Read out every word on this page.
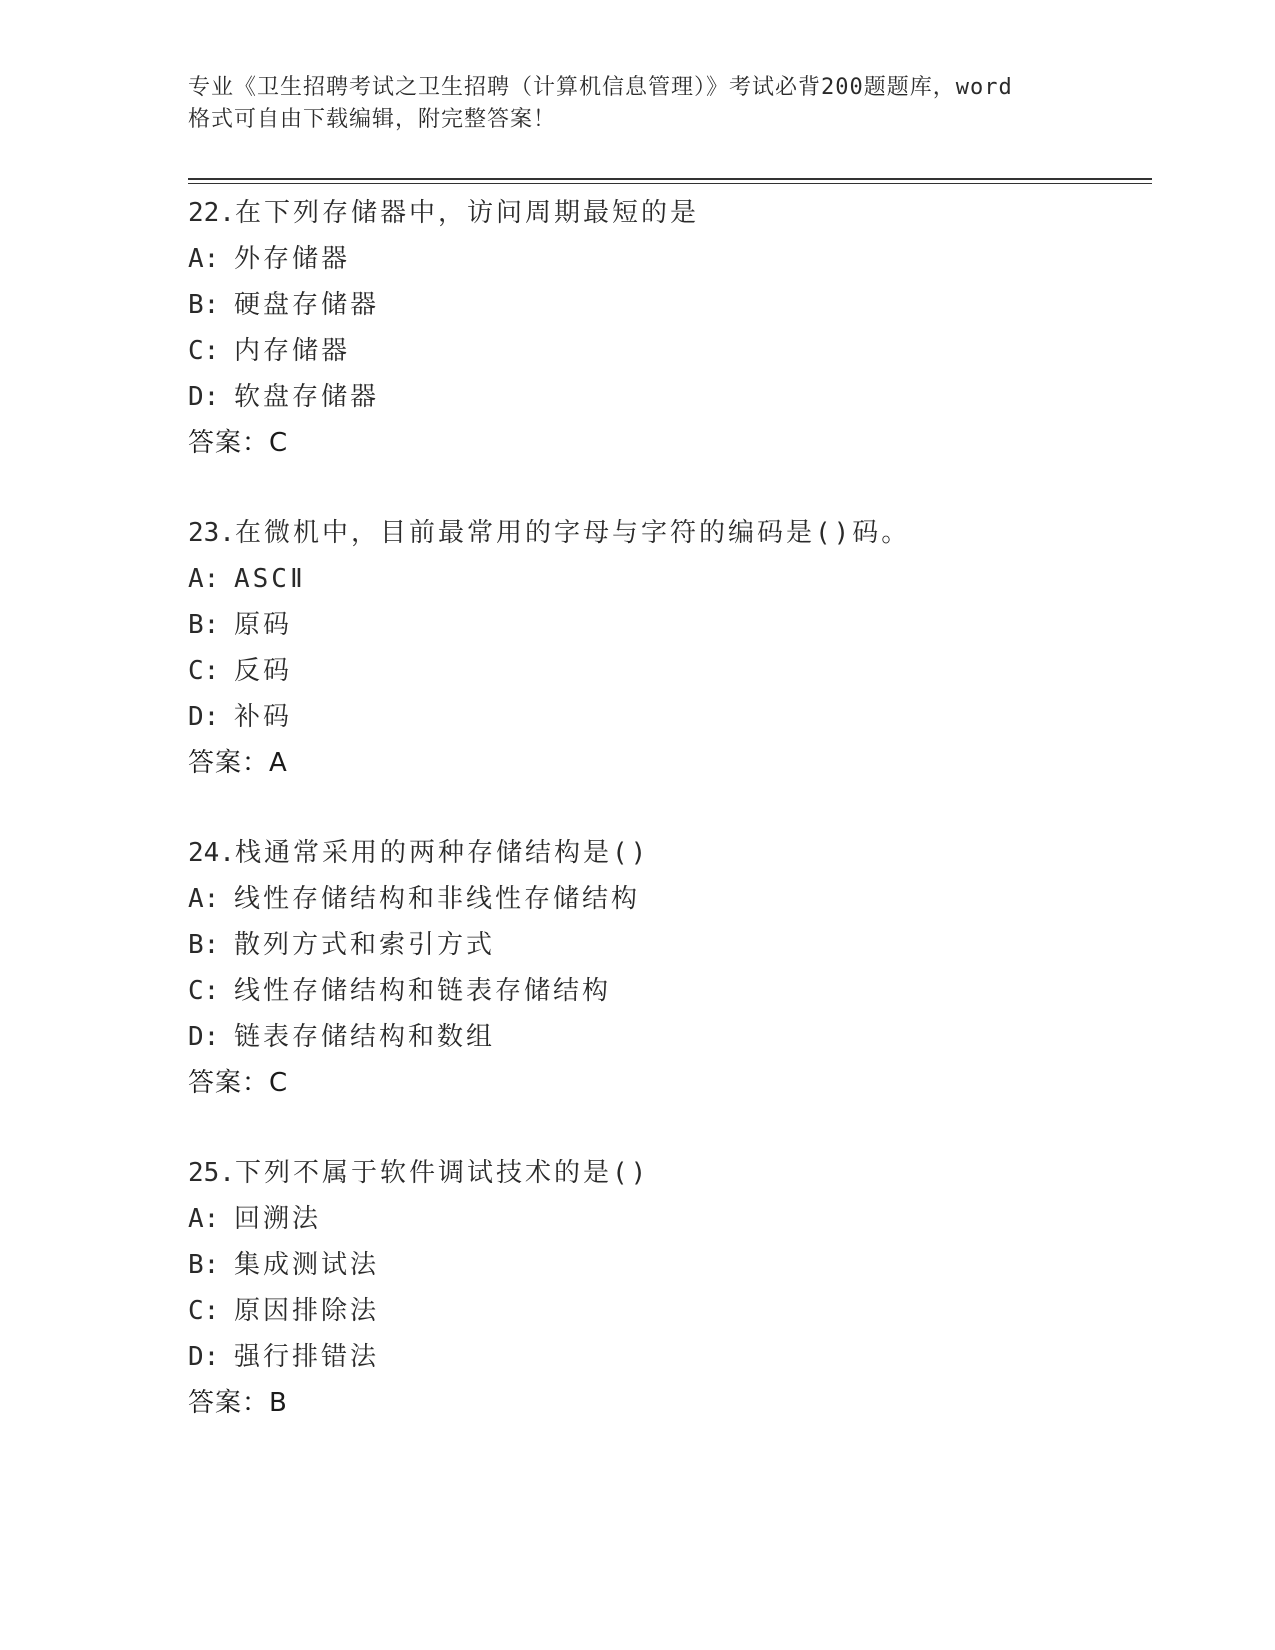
专业《卫生招聘考试之卫生招聘（计算机信息管理）》考试必背200题题库，word
格式可自由下载编辑，附完整答案！
22.在下列存储器中，访问周期最短的是
A: 外存储器
B: 硬盘存储器
C: 内存储器
D: 软盘存储器
答案：C
23.在微机中，目前最常用的字母与字符的编码是()码。
A: ASCⅡ
B: 原码
C: 反码
D: 补码
答案：A
24.栈通常采用的两种存储结构是()
A: 线性存储结构和非线性存储结构
B: 散列方式和索引方式
C: 线性存储结构和链表存储结构
D: 链表存储结构和数组
答案：C
25.下列不属于软件调试技术的是()
A: 回溯法
B: 集成测试法
C: 原因排除法
D: 强行排错法
答案：B
